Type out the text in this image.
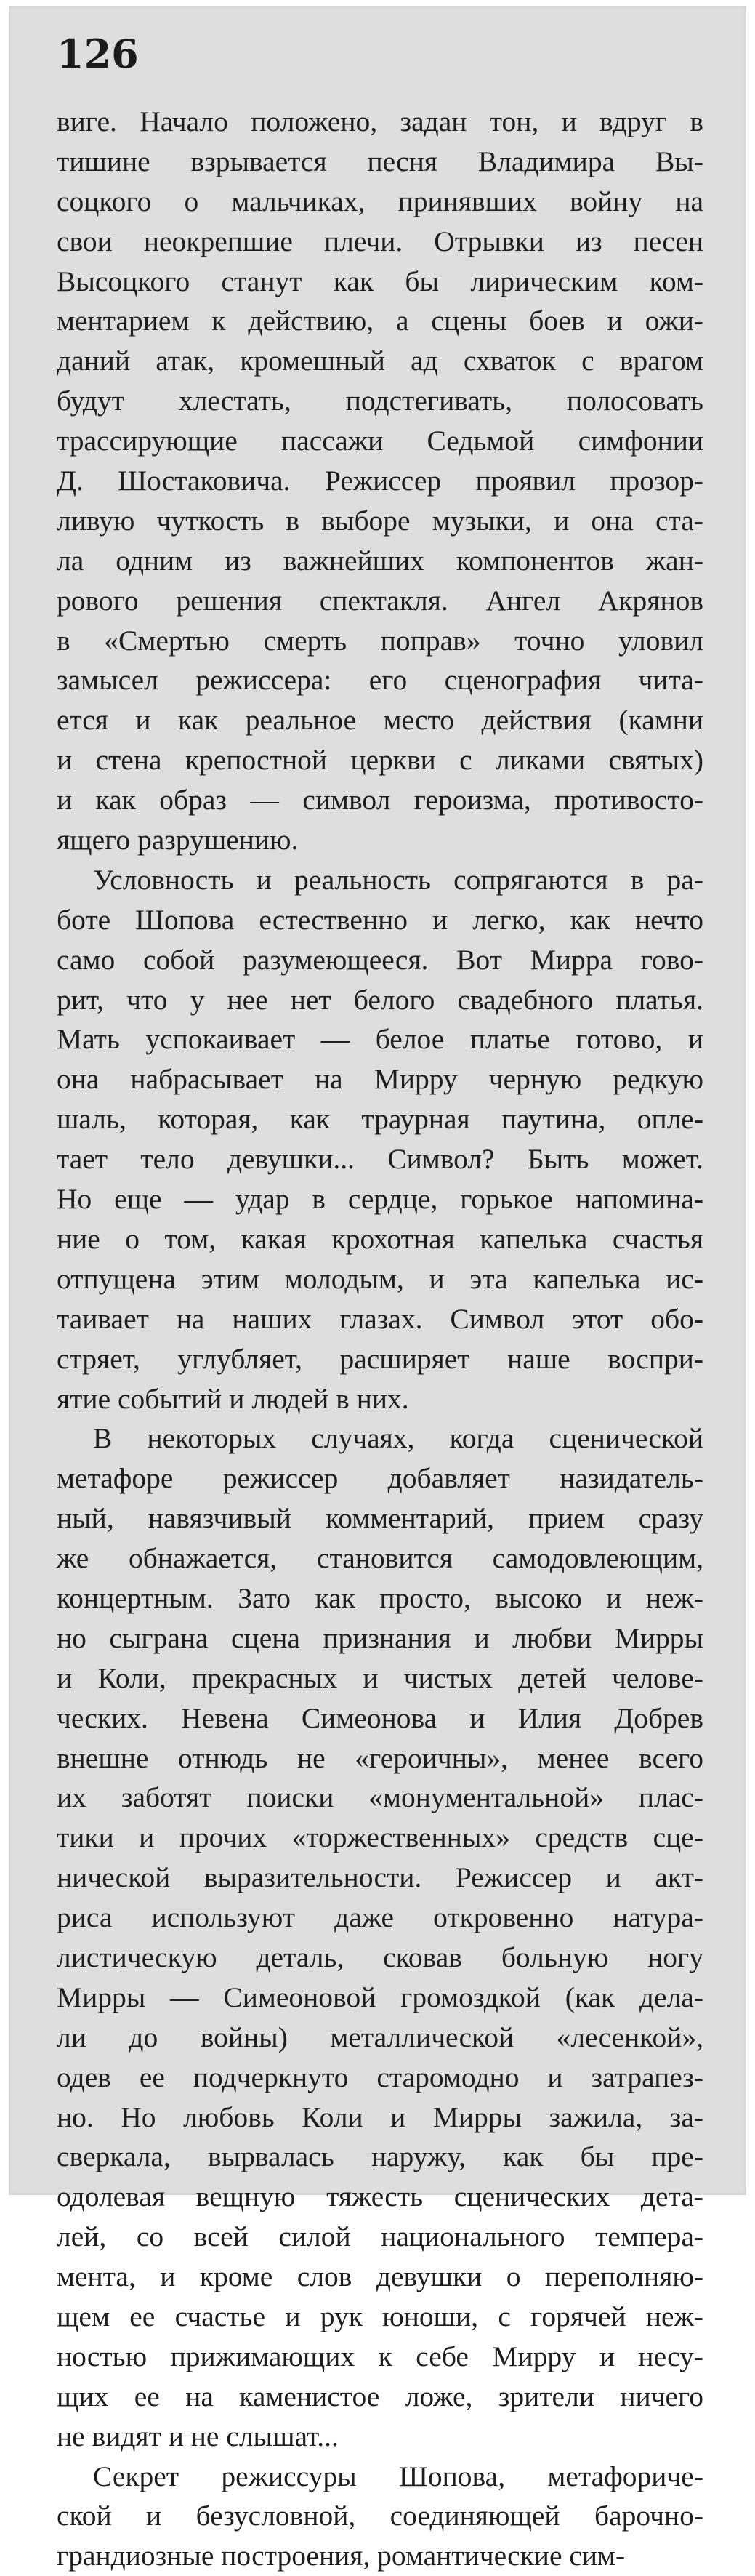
126
виге. Начало положено, задан тон, и вдруг в
тишине взрывается песня Владимира Вы-
соцкого о мальчиках, принявших войну на
свои неокрепшие плечи. Отрывки из песен
Высоцкого станут как бы лирическим ком-
ментарием к действию, а сцены боев и ожи-
даний атак, кромешный ад схваток с врагом
будут хлестать, подстегивать, полосовать
трассирующие пассажи Седьмой симфонии
Д. Шостаковича. Режиссер проявил прозор-
ливую чуткость в выборе музыки, и она ста-
ла одним из важнейших компонентов жан-
рового решения спектакля. Ангел Акрянов
в «Смертью смерть поправ» точно уловил
замысел режиссера: его сценография чита-
ется и как реальное место действия (камни
и стена крепостной церкви с ликами святых)
и как образ — символ героизма, противосто-
ящего разрушению.
Условность и реальность сопрягаются в ра-
боте Шопова естественно и легко, как нечто
само собой разумеющееся. Вот Мирра гово-
рит, что у нее нет белого свадебного платья.
Мать успокаивает — белое платье готово, и
она набрасывает на Мирру черную редкую
шаль, которая, как траурная паутина, опле-
тает тело девушки... Символ? Быть может.
Но еще — удар в сердце, горькое напомина-
ние о том, какая крохотная капелька счастья
отпущена этим молодым, и эта капелька ис-
таивает на наших глазах. Символ этот обо-
стряет, углубляет, расширяет наше воспри-
ятие событий и людей в них.
В некоторых случаях, когда сценической
метафоре режиссер добавляет назидатель-
ный, навязчивый комментарий, прием сразу
же обнажается, становится самодовлеющим,
концертным. Зато как просто, высоко и неж-
но сыграна сцена признания и любви Мирры
и Коли, прекрасных и чистых детей челове-
ческих. Невена Симеонова и Илия Добрев
внешне отнюдь не «героичны», менее всего
их заботят поиски «монументальной» плас-
тики и прочих «торжественных» средств сце-
нической выразительности. Режиссер и акт-
риса используют даже откровенно натура-
листическую деталь, сковав больную ногу
Мирры — Симеоновой громоздкой (как дела-
ли до войны) металлической «лесенкой»,
одев ее подчеркнуто старомодно и затрапез-
но. Но любовь Коли и Мирры зажила, за-
сверкала, вырвалась наружу, как бы пре-
одолевая вещную тяжесть сценических дета-
лей, со всей силой национального темпера-
мента, и кроме слов девушки о переполняю-
щем ее счастье и рук юноши, с горячей неж-
ностью прижимающих к себе Мирру и несу-
щих ее на каменистое ложе, зрители ничего
не видят и не слышат...
Секрет режиссуры Шопова, метафориче-
ской и безусловной, соединяющей барочно-
грандиозные построения, романтические сим-
